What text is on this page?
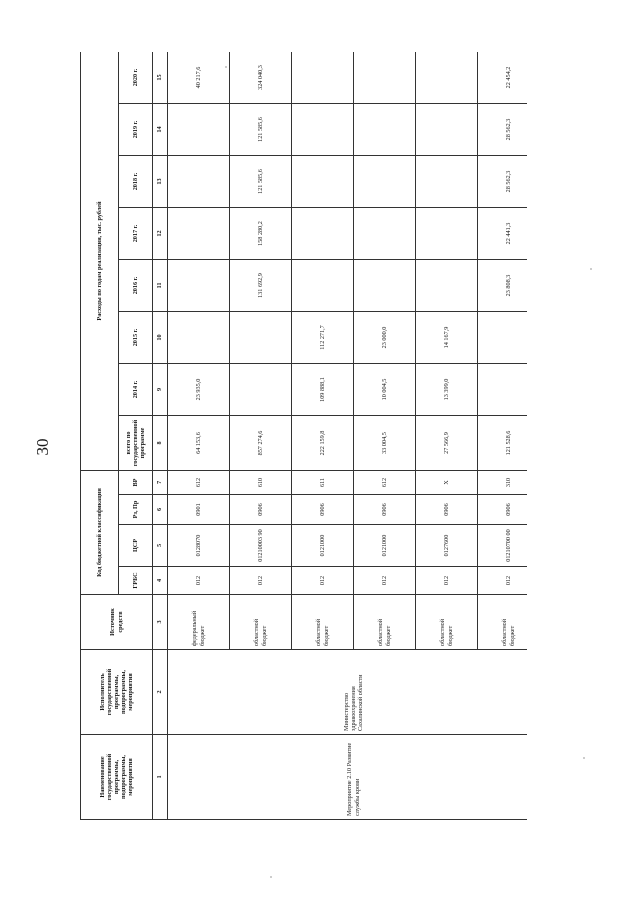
30
Наименование государственной программы, подпрограммы, мероприятия	Исполнитель государственной программы, подпрограммы, мероприятия	Источник средств	Код бюджетной классификации				Расходы по годам реализации, тыс. рублей							
			ГРБС	ЦСР	Рз, Пр	ВР	всего по государственной программе	2014 г.	2015 г.	2016 г.	2017 г.	2018 г.	2019 г.	2020 г.
1	2	3	4	5	6	7	8	9	10	11	12	13	14	15
Мероприятие 2.10 Развитие службы крови	Министерство здравоохранения Сахалинской области	федеральный бюджет	012	0128070	0901	612	64 153,6	23 935,0						40 217,6
		областной бюджет	012	01210003 90	0906	610	857 274,6			131 692,9	158 280,2	121 585,6	121 585,6	324 040,3
		областной бюджет	012	0121000	0906	611	222 159,8	109 888,1	112 271,7					
		областной бюджет	012	0121000	0906	612	33 004,5	10 004,5	23 000,0					
		областной бюджет	012	0127600	0906	X	27 566,9	13 399,0	14 167,9					
		областной бюджет	012	01210700 00	0906	310	121 528,6			23 808,3	22 441,3	28 562,3	28 562,3	22 454,2
